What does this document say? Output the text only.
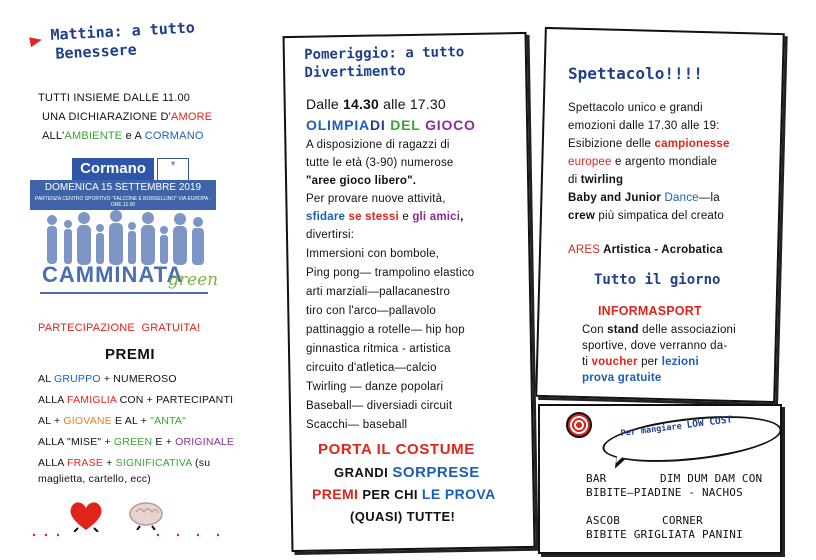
Mattina: a tutto
Benessere
TUTTI INSIEME DALLE 11.00
UNA DICHIARAZIONE D'AMORE
ALL'AMBIENTE e A CORMANO
Cormano	⚜
DOMENICA 15 SETTEMBRE 2019
PARTENZA CENTRO SPORTIVO "FALCONE E BORSELLINO" VIA EUROPA - ORE 11.00
CAMMINATA
green
PARTECIPAZIONE GRATUITA!
PREMI
AL GRUPPO + NUMEROSO
ALLA FAMIGLIA CON + PARTECIPANTI
AL + GIOVANE E AL + "ANTA"
ALLA "MISE" + GREEN E + ORIGINALE
ALLA FRASE + SIGNIFICATIVA (su
maglietta, cartello, ecc)
Pomeriggio: a tutto
Divertimento
Dalle 14.30 alle 17.30
OLIMPIADI DEL GIOCO
A disposizione di ragazzi di
tutte le età (3-90) numerose
"aree gioco libero".
Per provare nuove attività,
sfidare se stessi e gli amici,
divertirsi:
Immersioni con bombole,
Ping pong— trampolino elastico
arti marziali—pallacanestro
tiro con l'arco—pallavolo
pattinaggio a rotelle— hip hop
ginnastica ritmica - artistica
circuito d'atletica—calcio
Twirling — danze popolari
Baseball— diversiadi circuit
Scacchi— baseball
PORTA IL COSTUME
GRANDI SORPRESE
PREMI PER CHI LE PROVA
(QUASI) TUTTE!
Spettacolo!!!!
Spettacolo unico e grandi
emozioni dalle 17.30 alle 19:
Esibizione delle campionesse
europee e argento mondiale
di twirling
Baby and Junior Dance—la
crew più simpatica del creato
ARES Artistica - Acrobatica
Tutto il giorno
INFORMASPORT
Con stand delle associazioni
sportive, dove verranno da-
ti voucher per lezioni
prova gratuite
Per mangiare LOW COST
BAR	DIM DUM DAM CON
BIBITE—PIADINE - NACHOS
ASCOB	CORNER
BIBITE GRIGLIATA PANINI
